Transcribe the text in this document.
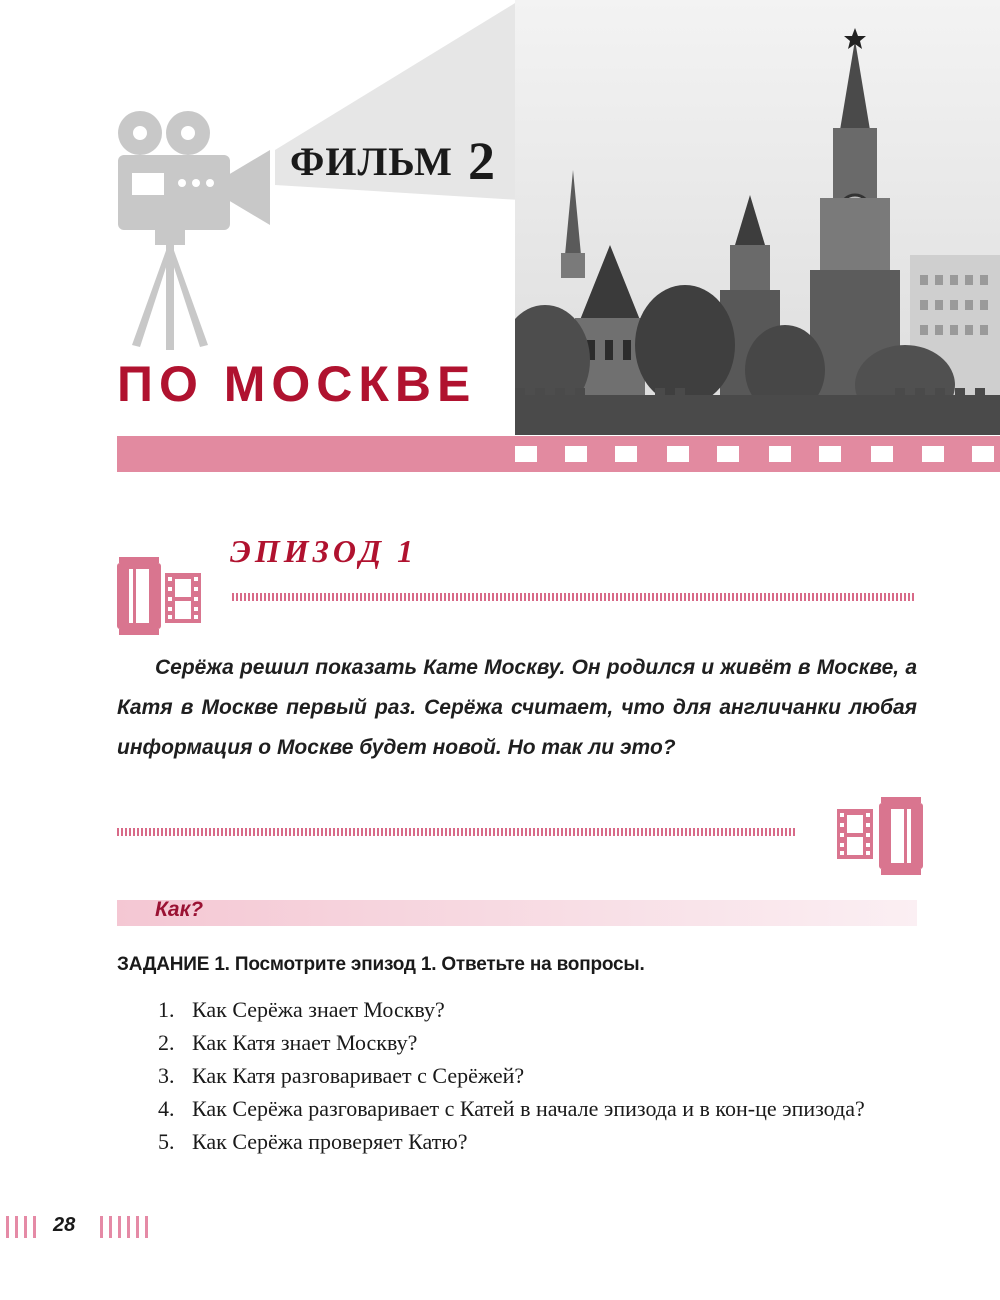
ФИЛЬМ 2
ПО МОСКВЕ
ЭПИЗОД 1

Серёжа решил показать Кате Москву. Он родился и живёт в Москве, а Катя в Москве первый раз. Серёжа считает, что для англичанки любая информация о Москве будет новой. Но так ли это?

Как?
ЗАДАНИЕ 1. Посмотрите эпизод 1. Ответьте на вопросы.
1. Как Серёжа знает Москву?
2. Как Катя знает Москву?
3. Как Катя разговаривает с Серёжей?
4. Как Серёжа разговаривает с Катей в начале эпизода и в кон-це эпизода?
5. Как Серёжа проверяет Катю?
28
